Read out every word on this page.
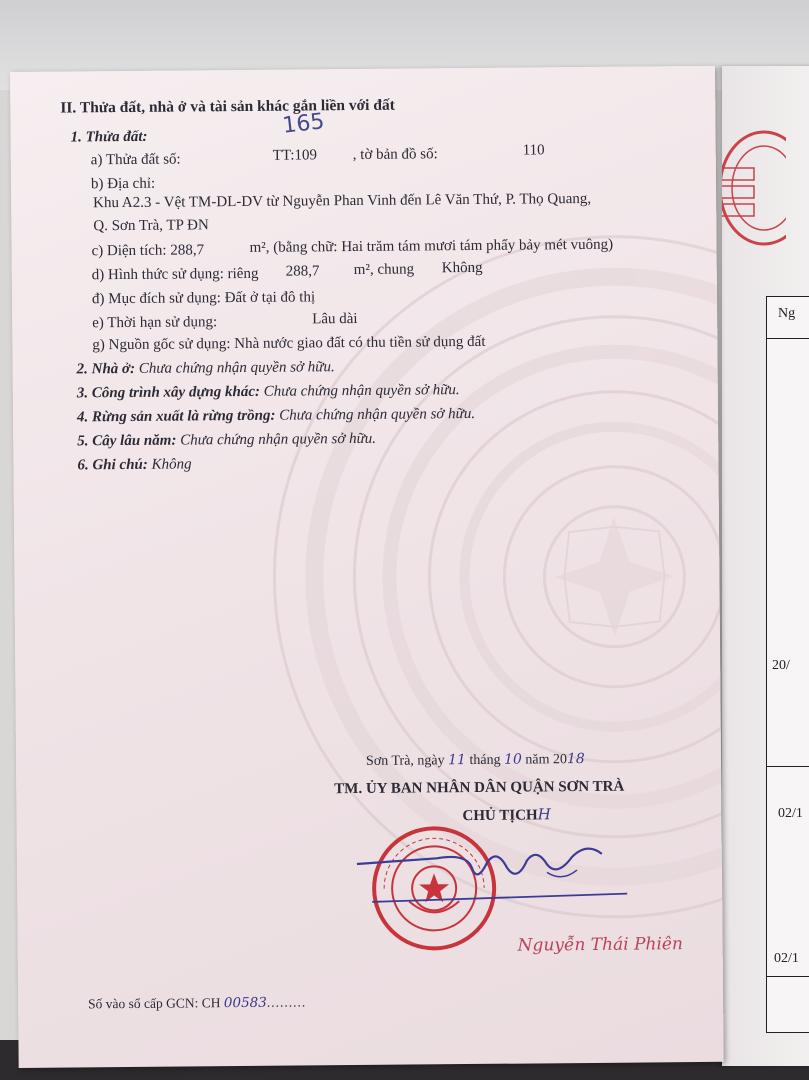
Ng
20/
02/1
02/1
II. Thửa đất, nhà ở và tài sản khác gắn liền với đất
165
1. Thửa đất:
a) Thửa đất số:	TT:109 , tờ bản đồ số:	110
b) Địa chỉ:
Khu A2.3 - Vệt TM-DL-DV từ Nguyễn Phan Vinh đến Lê Văn Thứ, P. Thọ Quang,
Q. Sơn Trà, TP ĐN
c) Diện tích: 288,7	m², (bằng chữ: Hai trăm tám mươi tám phẩy bảy mét vuông)
d) Hình thức sử dụng: riêng 288,7 m², chung Không
đ) Mục đích sử dụng: Đất ở tại đô thị
e) Thời hạn sử dụng:	Lâu dài
g) Nguồn gốc sử dụng: Nhà nước giao đất có thu tiền sử dụng đất
2. Nhà ở: Chưa chứng nhận quyền sở hữu.
3. Công trình xây dựng khác: Chưa chứng nhận quyền sở hữu.
4. Rừng sản xuất là rừng trồng: Chưa chứng nhận quyền sở hữu.
5. Cây lâu năm: Chưa chứng nhận quyền sở hữu.
6. Ghi chú: Không
Sơn Trà, ngày 11 tháng 10 năm 2018
TM. ỦY BAN NHÂN DÂN QUẬN SƠN TRÀ
CHỦ TỊCHH
Nguyễn Thái Phiên
Số vào sổ cấp GCN: CH 00583.........
